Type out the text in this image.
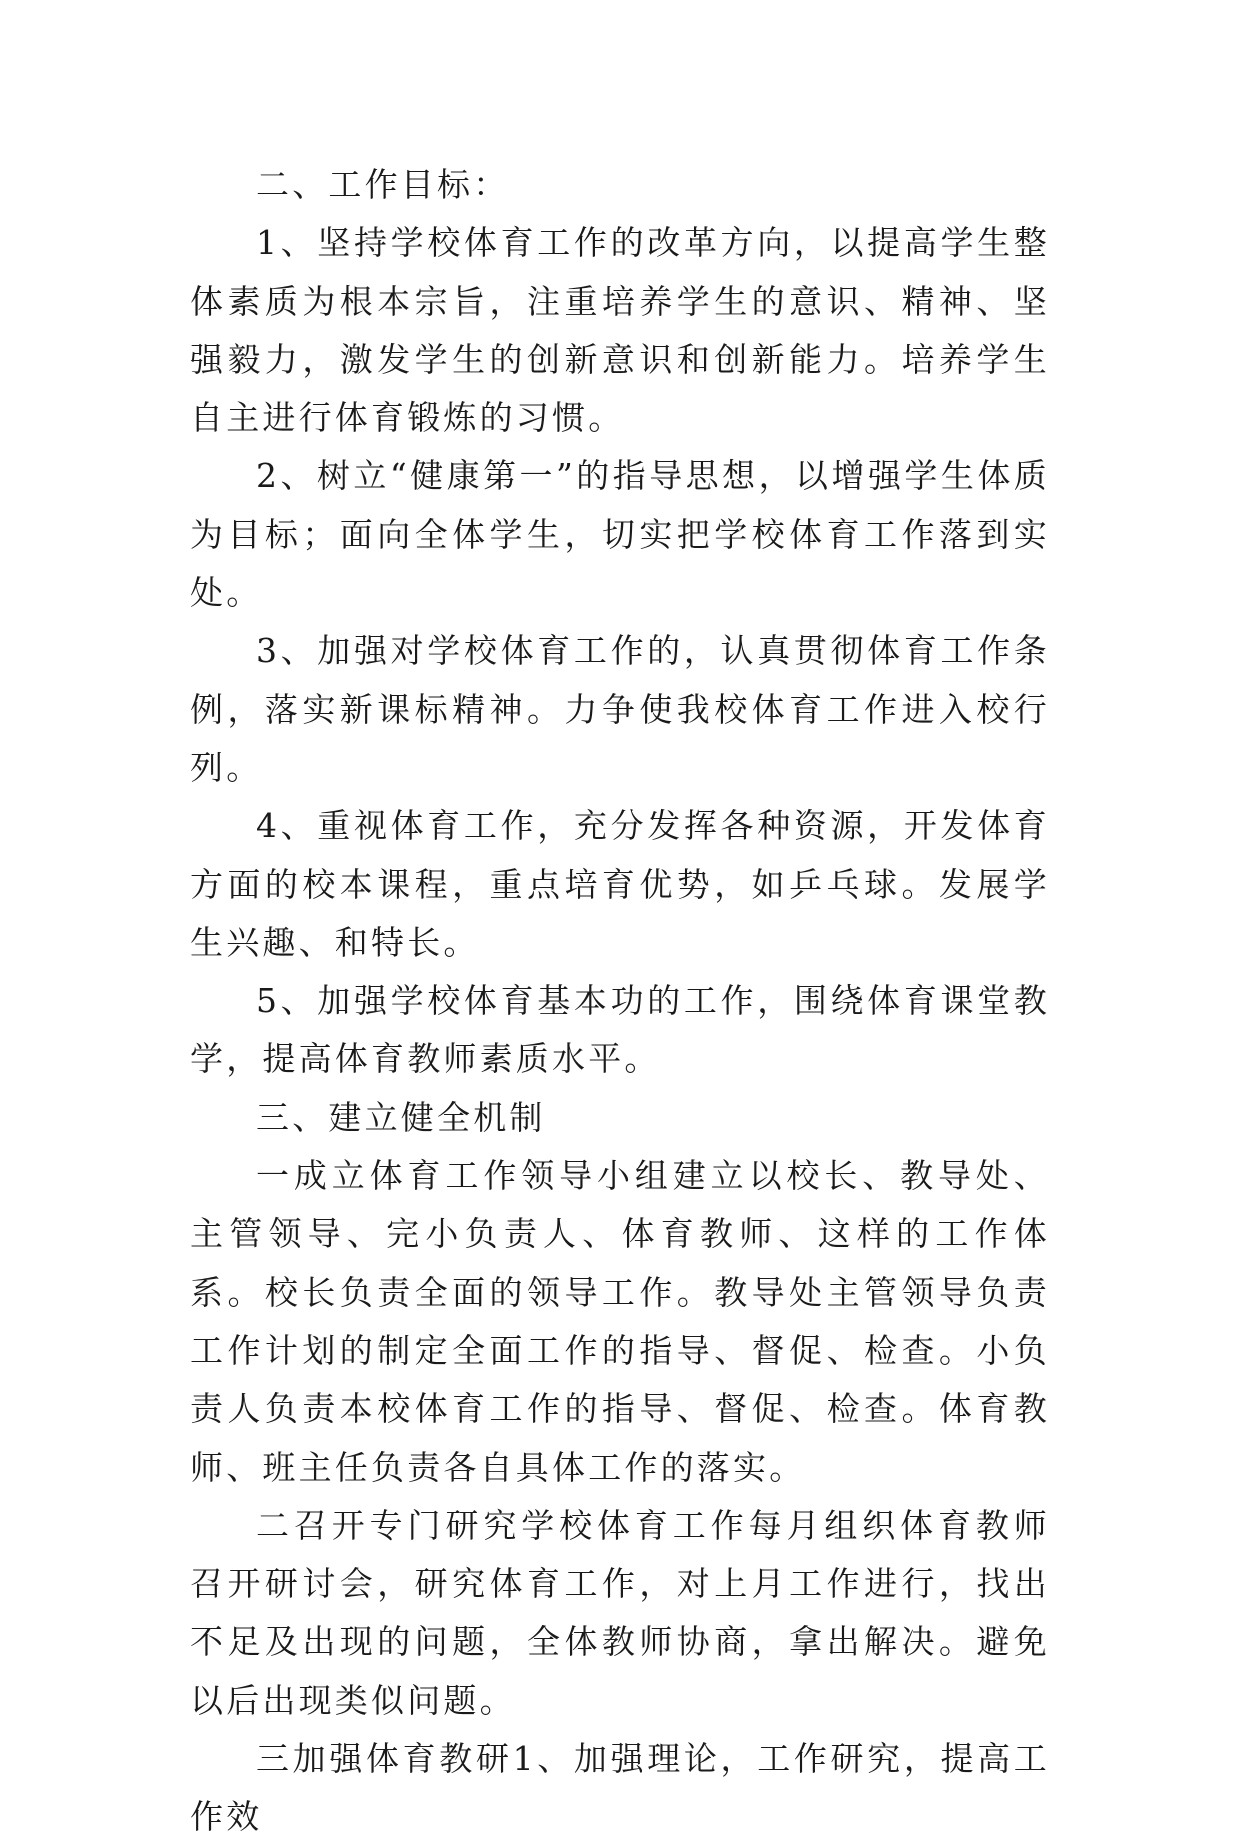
二、工作目标：

1、坚持学校体育工作的改革方向，以提高学生整体素质为根本宗旨，注重培养学生的意识、精神、坚强毅力，激发学生的创新意识和创新能力。培养学生自主进行体育锻炼的习惯。

2、树立“健康第一”的指导思想，以增强学生体质为目标；面向全体学生，切实把学校体育工作落到实处。

3、加强对学校体育工作的，认真贯彻体育工作条例，落实新课标精神。力争使我校体育工作进入校行列。

4、重视体育工作，充分发挥各种资源，开发体育方面的校本课程，重点培育优势，如乒乓球。发展学生兴趣、和特长。

5、加强学校体育基本功的工作，围绕体育课堂教学，提高体育教师素质水平。

三、建立健全机制

一成立体育工作领导小组建立以校长、教导处、主管领导、完小负责人、体育教师、这样的工作体系。校长负责全面的领导工作。教导处主管领导负责工作计划的制定全面工作的指导、督促、检查。小负责人负责本校体育工作的指导、督促、检查。体育教师、班主任负责各自具体工作的落实。

二召开专门研究学校体育工作每月组织体育教师召开研讨会，研究体育工作，对上月工作进行，找出不足及出现的问题，全体教师协商，拿出解决。避免以后出现类似问题。

三加强体育教研1、加强理论，工作研究，提高工作效
